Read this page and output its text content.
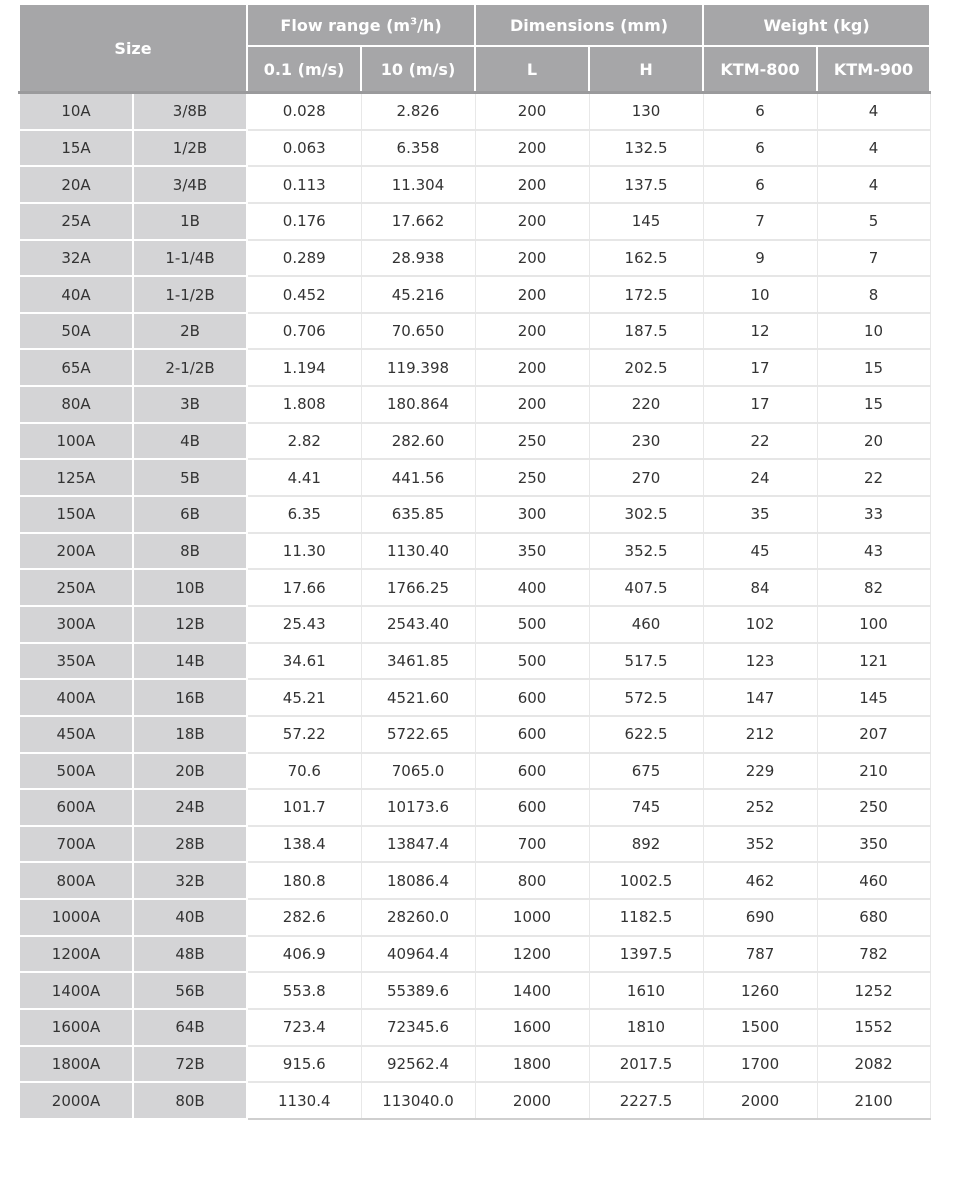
Size		Flow range $(m^3/h)$		Dimensions (mm)		Weight (kg)	
		0.1 (m/s)	10 (m/s)	L	H	KTM-800	KTM-900
10A	3/8B	0.028	2.826	200	130	6	4
15A	1/2B	0.063	6.358	200	132.5	6	4
20A	3/4B	0.113	11.304	200	137.5	6	4
25A	1B	0.176	17.662	200	145	7	5
32A	1-1/4B	0.289	28.938	200	162.5	9	7
40A	1-1/2B	0.452	45.216	200	172.5	10	8
50A	2B	0.706	70.650	200	187.5	12	10
65A	2-1/2B	1.194	119.398	200	202.5	17	15
80A	3B	1.808	180.864	200	220	17	15
100A	4B	2.82	282.60	250	230	22	20
125A	5B	4.41	441.56	250	270	24	22
150A	6B	6.35	635.85	300	302.5	35	33
200A	8B	11.30	1130.40	350	352.5	45	43
250A	10B	17.66	1766.25	400	407.5	84	82
300A	12B	25.43	2543.40	500	460	102	100
350A	14B	34.61	3461.85	500	517.5	123	121
400A	16B	45.21	4521.60	600	572.5	147	145
450A	18B	57.22	5722.65	600	622.5	212	207
500A	20B	70.6	7065.0	600	675	229	210
600A	24B	101.7	10173.6	600	745	252	250
700A	28B	138.4	13847.4	700	892	352	350
800A	32B	180.8	18086.4	800	1002.5	462	460
1000A	40B	282.6	28260.0	1000	1182.5	690	680
1200A	48B	406.9	40964.4	1200	1397.5	787	782
1400A	56B	553.8	55389.6	1400	1610	1260	1252
1600A	64B	723.4	72345.6	1600	1810	1500	1552
1800A	72B	915.6	92562.4	1800	2017.5	1700	2082
2000A	80B	1130.4	113040.0	2000	2227.5	2000	2100
